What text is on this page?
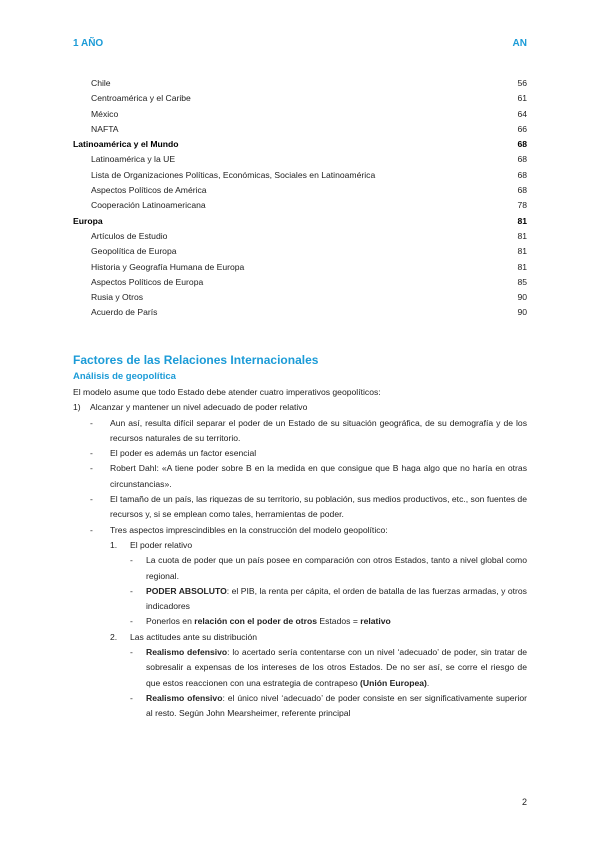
1 AÑO	AN
Chile	56
Centroamérica y el Caribe	61
México	64
NAFTA	66
Latinoamérica y el Mundo	68
Latinoamérica y la UE	68
Lista de Organizaciones Políticas, Económicas, Sociales en Latinoamérica	68
Aspectos Políticos de América	68
Cooperación Latinoamericana	78
Europa	81
Artículos de Estudio	81
Geopolítica de Europa	81
Historia y Geografía Humana de Europa	81
Aspectos Políticos de Europa	85
Rusia y Otros	90
Acuerdo de París	90
Factores de las Relaciones Internacionales
Análisis de geopolítica

El modelo asume que todo Estado debe atender cuatro imperativos geopolíticos:

1)	Alcanzar y mantener un nivel adecuado de poder relativo
-	Aun así, resulta difícil separar el poder de un Estado de su situación geográfica, de su demografía y de los recursos naturales de su territorio.
-	El poder es además un factor esencial
-	Robert Dahl: «A tiene poder sobre B en la medida en que consigue que B haga algo que no haría en otras circunstancias».
-	El tamaño de un país, las riquezas de su territorio, su población, sus medios productivos, etc., son fuentes de recursos y, si se emplean como tales, herramientas de poder.
-	Tres aspectos imprescindibles en la construcción del modelo geopolítico:
1.	El poder relativo
-	La cuota de poder que un país posee en comparación con otros Estados, tanto a nivel global como regional.
-	PODER ABSOLUTO: el PIB, la renta per cápita, el orden de batalla de las fuerzas armadas, y otros indicadores
-	Ponerlos en relación con el poder de otros Estados = relativo
2.	Las actitudes ante su distribución
-	Realismo defensivo: lo acertado sería contentarse con un nivel ‘adecuado’ de poder, sin tratar de sobresalir a expensas de los intereses de los otros Estados. De no ser así, se corre el riesgo de que estos reaccionen con una estrategia de contrapeso (Unión Europea).
-	Realismo ofensivo: el único nivel ‘adecuado’ de poder consiste en ser significativamente superior al resto. Según John Mearsheimer, referente principal
2
